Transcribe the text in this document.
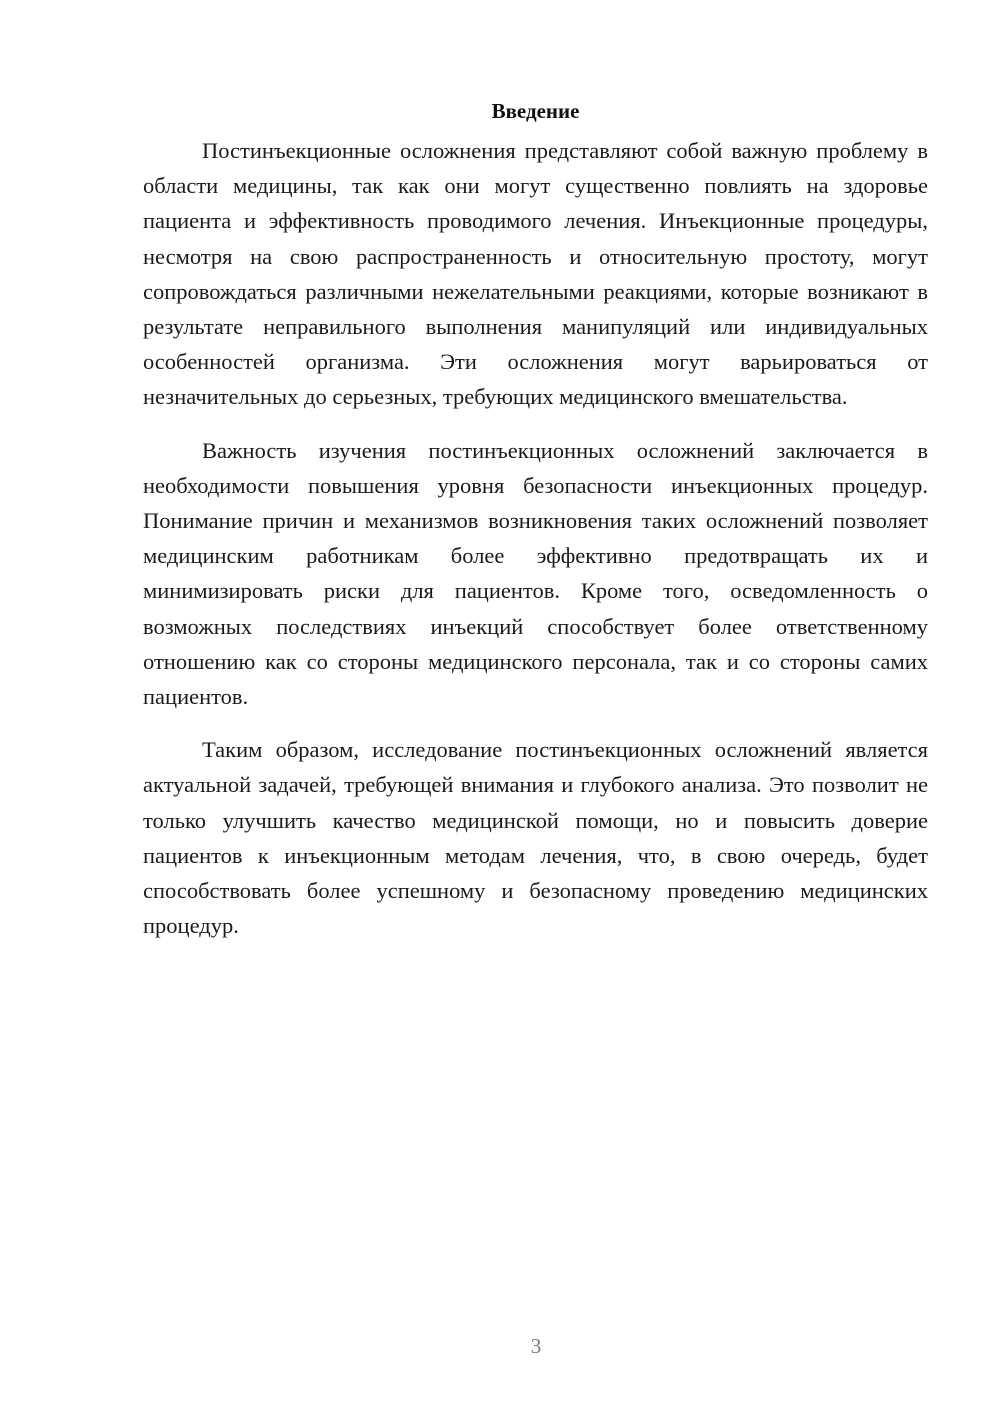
Введение

Постинъекционные осложнения представляют собой важную проблему в области медицины, так как они могут существенно повлиять на здоровье пациента и эффективность проводимого лечения. Инъекционные процедуры, несмотря на свою распространенность и относительную простоту, могут сопровождаться различными нежелательными реакциями, которые возникают в результате неправильного выполнения манипуляций или индивидуальных особенностей организма. Эти осложнения могут варьироваться от незначительных до серьезных, требующих медицинского вмешательства.

Важность изучения постинъекционных осложнений заключается в необходимости повышения уровня безопасности инъекционных процедур. Понимание причин и механизмов возникновения таких осложнений позволяет медицинским работникам более эффективно предотвращать их и минимизировать риски для пациентов. Кроме того, осведомленность о возможных последствиях инъекций способствует более ответственному отношению как со стороны медицинского персонала, так и со стороны самих пациентов.

Таким образом, исследование постинъекционных осложнений является актуальной задачей, требующей внимания и глубокого анализа. Это позволит не только улучшить качество медицинской помощи, но и повысить доверие пациентов к инъекционным методам лечения, что, в свою очередь, будет способствовать более успешному и безопасному проведению медицинских процедур.

3
